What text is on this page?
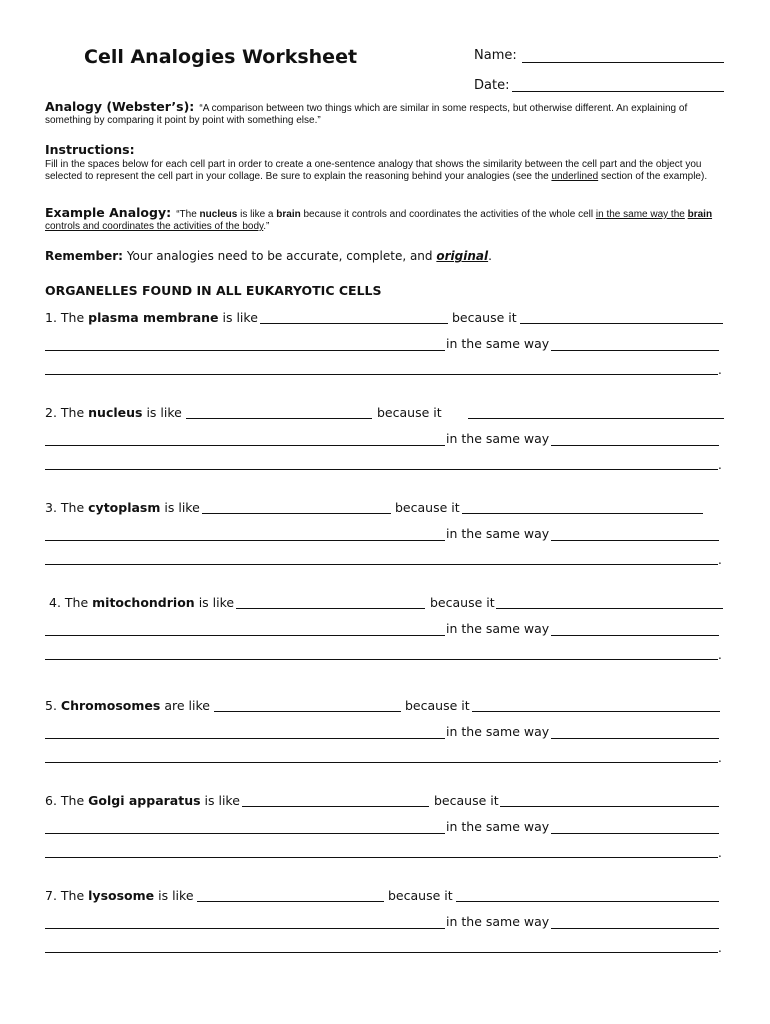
Cell Analogies Worksheet	Name:
Date:
Analogy (Webster’s): “A comparison between two things which are similar in some respects, but otherwise different. An explaining of
something by comparing it point by point with something else.”
Instructions:
Fill in the spaces below for each cell part in order to create a one-sentence analogy that shows the similarity between the cell part and the object you
selected to represent the cell part in your collage. Be sure to explain the reasoning behind your analogies (see the underlined section of the example).
Example Analogy: “The nucleus is like a brain because it controls and coordinates the activities of the whole cell in the same way the brain
controls and coordinates the activities of the body.”
Remember: Your analogies need to be accurate, complete, and original.
ORGANELLES FOUND IN ALL EUKARYOTIC CELLS
1. The plasma membrane is like	because it
in the same way
.
2. The nucleus is like	because it
in the same way
.
3. The cytoplasm is like	because it
in the same way
.
4. The mitochondrion is like	because it
in the same way
.
5. Chromosomes are like	because it
in the same way
.
6. The Golgi apparatus is like	because it
in the same way
.
7. The lysosome is like	because it
in the same way
.
